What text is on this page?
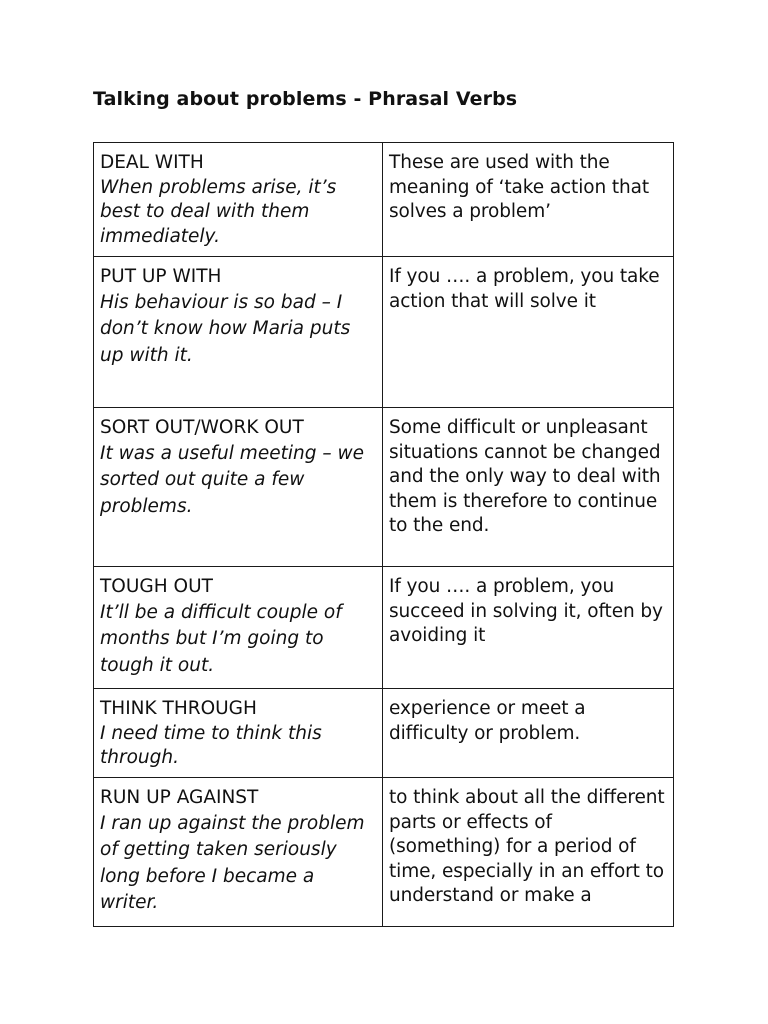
Talking about problems - Phrasal Verbs
DEAL WITH
When problems arise, it’s best to deal with them immediately.	These are used with the meaning of ‘take action that solves a problem’

PUT UP WITH
His behaviour is so bad – I don’t know how Maria puts up with it.	If you …. a problem, you take action that will solve it

SORT OUT/WORK OUT
It was a useful meeting – we sorted out quite a few problems.	Some difficult or unpleasant situations cannot be changed and the only way to deal with them is therefore to continue to the end.

TOUGH OUT
It’ll be a difficult couple of months but I’m going to tough it out.	If you …. a problem, you succeed in solving it, often by avoiding it

THINK THROUGH
I need time to think this through.	experience or meet a difficulty or problem.

RUN UP AGAINST
I ran up against the problem of getting taken seriously long before I became a writer.	to think about all the different parts or effects of (something) for a period of time, especially in an effort to understand or make a
